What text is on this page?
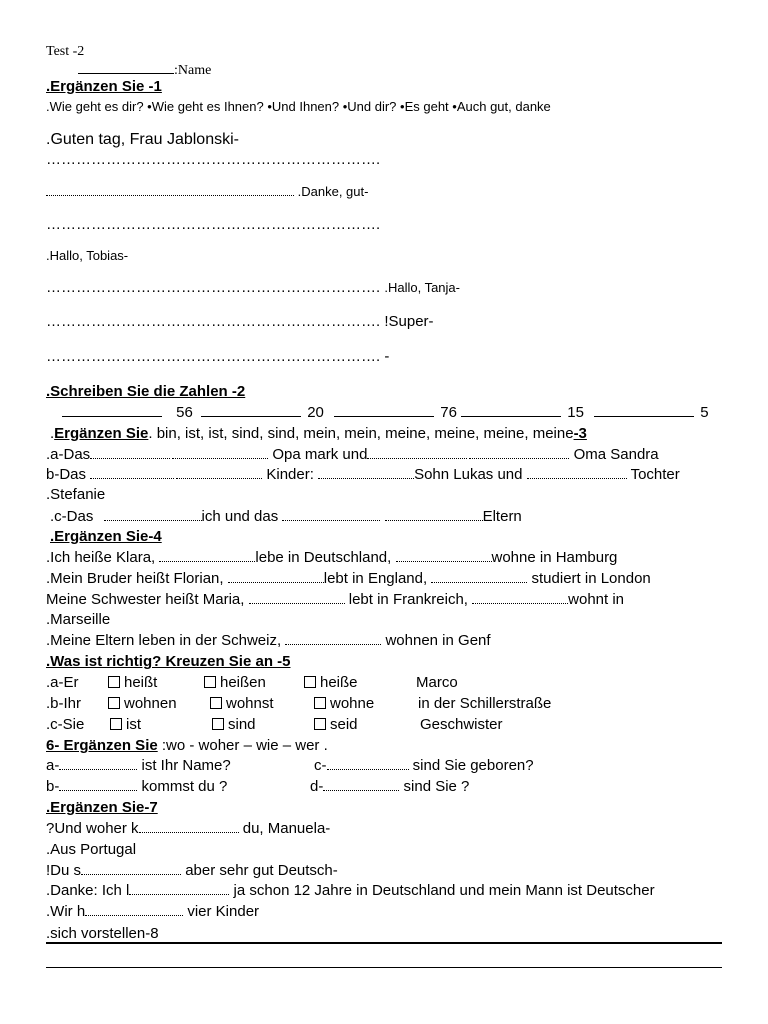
Test -2
:Name
.Ergänzen Sie -1
.Wie geht es dir? •Wie geht es Ihnen? •Und Ihnen? •Und dir? •Es geht •Auch gut, danke
.Guten tag, Frau Jablonski-
………………………………………………………….
.Danke, gut-
………………………………………………………….
.Hallo, Tobias-
…………………………………………………………. .Hallo, Tanja-
…………………………………………………………. !Super-
…………………………………………………………. -
.Schreiben Sie die Zahlen -2
56	20	76	15	5
.Ergänzen Sie. bin, ist, ist, sind, sind, mein, mein, meine, meine, meine, meine-3
.a-Das	Opa mark und	Oma Sandra
b-Das	Kinder:	Sohn Lukas und	Tochter
.Stefanie
.c-Das	ich und das	Eltern
.Ergänzen Sie-4
.Ich heiße Klara,	lebe in Deutschland,	wohne in Hamburg
.Mein Bruder heißt Florian,	lebt in England,	studiert in London
Meine Schwester heißt Maria,	lebt in Frankreich,	wohnt in
.Marseille
.Meine Eltern leben in der Schweiz,	wohnen in Genf
.Was ist richtig? Kreuzen Sie an -5
.a-Er	heißt	heißen	heiße	Marco
.b-Ihr	wohnen	wohnst	wohne	in der Schillerstraße
.c-Sie	ist	sind	seid	Geschwister
6- Ergänzen Sie :wo - woher – wie – wer .
a-	ist Ihr Name?	c-	sind Sie geboren?
b-	kommst du ?	d-	sind Sie ?
.Ergänzen Sie-7
?Und woher k	du, Manuela-
.Aus Portugal
!Du s	aber sehr gut Deutsch-
.Danke: Ich l	ja schon 12 Jahre in Deutschland und mein Mann ist Deutscher
.Wir h	vier Kinder
.sich vorstellen-8
